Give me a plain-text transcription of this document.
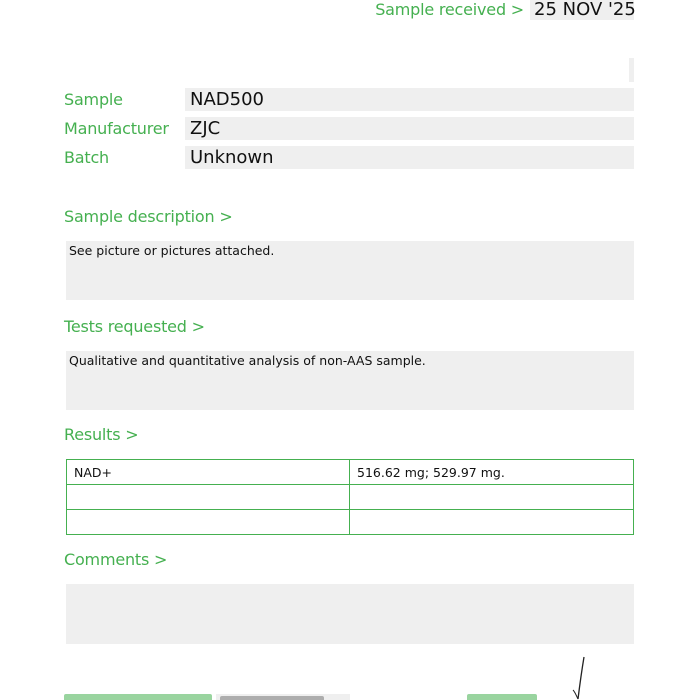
Sample received > 25 NOV '25
Sample	NAD500
Manufacturer ZJC
Batch	Unknown
Sample description >
See picture or pictures attached.
Tests requested >
Qualitative and quantitative analysis of non-AAS sample.
Results >
NAD+	516.62 mg; 529.97 mg.

Comments >
